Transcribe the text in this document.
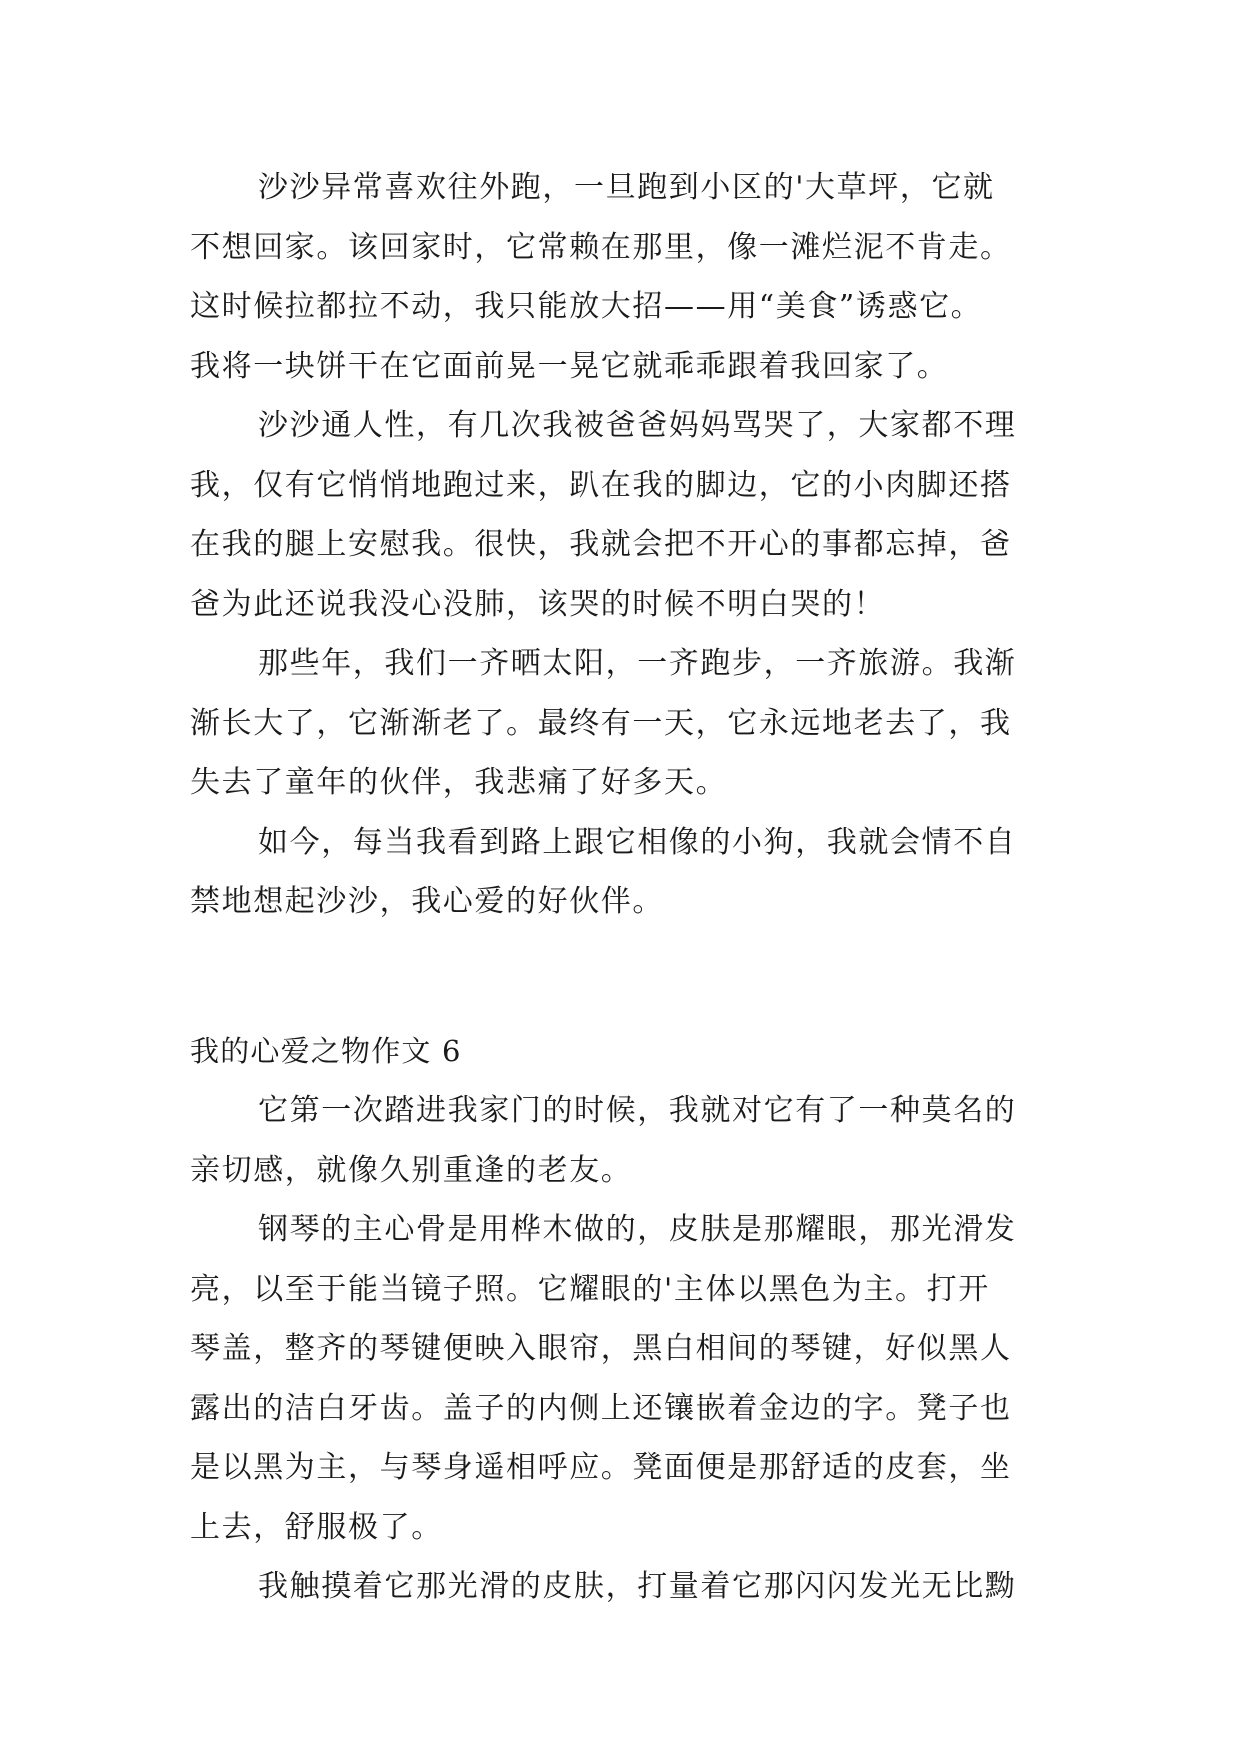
沙沙异常喜欢往外跑，一旦跑到小区的'大草坪，它就
不想回家。该回家时，它常赖在那里，像一滩烂泥不肯走。
这时候拉都拉不动，我只能放大招——用“美食”诱惑它。
我将一块饼干在它面前晃一晃它就乖乖跟着我回家了。

沙沙通人性，有几次我被爸爸妈妈骂哭了，大家都不理
我，仅有它悄悄地跑过来，趴在我的脚边，它的小肉脚还搭
在我的腿上安慰我。很快，我就会把不开心的事都忘掉，爸
爸为此还说我没心没肺，该哭的时候不明白哭的！

那些年，我们一齐晒太阳，一齐跑步，一齐旅游。我渐
渐长大了，它渐渐老了。最终有一天，它永远地老去了，我
失去了童年的伙伴，我悲痛了好多天。

如今，每当我看到路上跟它相像的小狗，我就会情不自
禁地想起沙沙，我心爱的好伙伴。

我的心爱之物作文 6

它第一次踏进我家门的时候，我就对它有了一种莫名的
亲切感，就像久别重逢的老友。

钢琴的主心骨是用桦木做的，皮肤是那耀眼，那光滑发
亮，以至于能当镜子照。它耀眼的'主体以黑色为主。打开
琴盖，整齐的琴键便映入眼帘，黑白相间的琴键，好似黑人
露出的洁白牙齿。盖子的内侧上还镶嵌着金边的字。凳子也
是以黑为主，与琴身遥相呼应。凳面便是那舒适的皮套，坐
上去，舒服极了。

我触摸着它那光滑的皮肤，打量着它那闪闪发光无比黝
